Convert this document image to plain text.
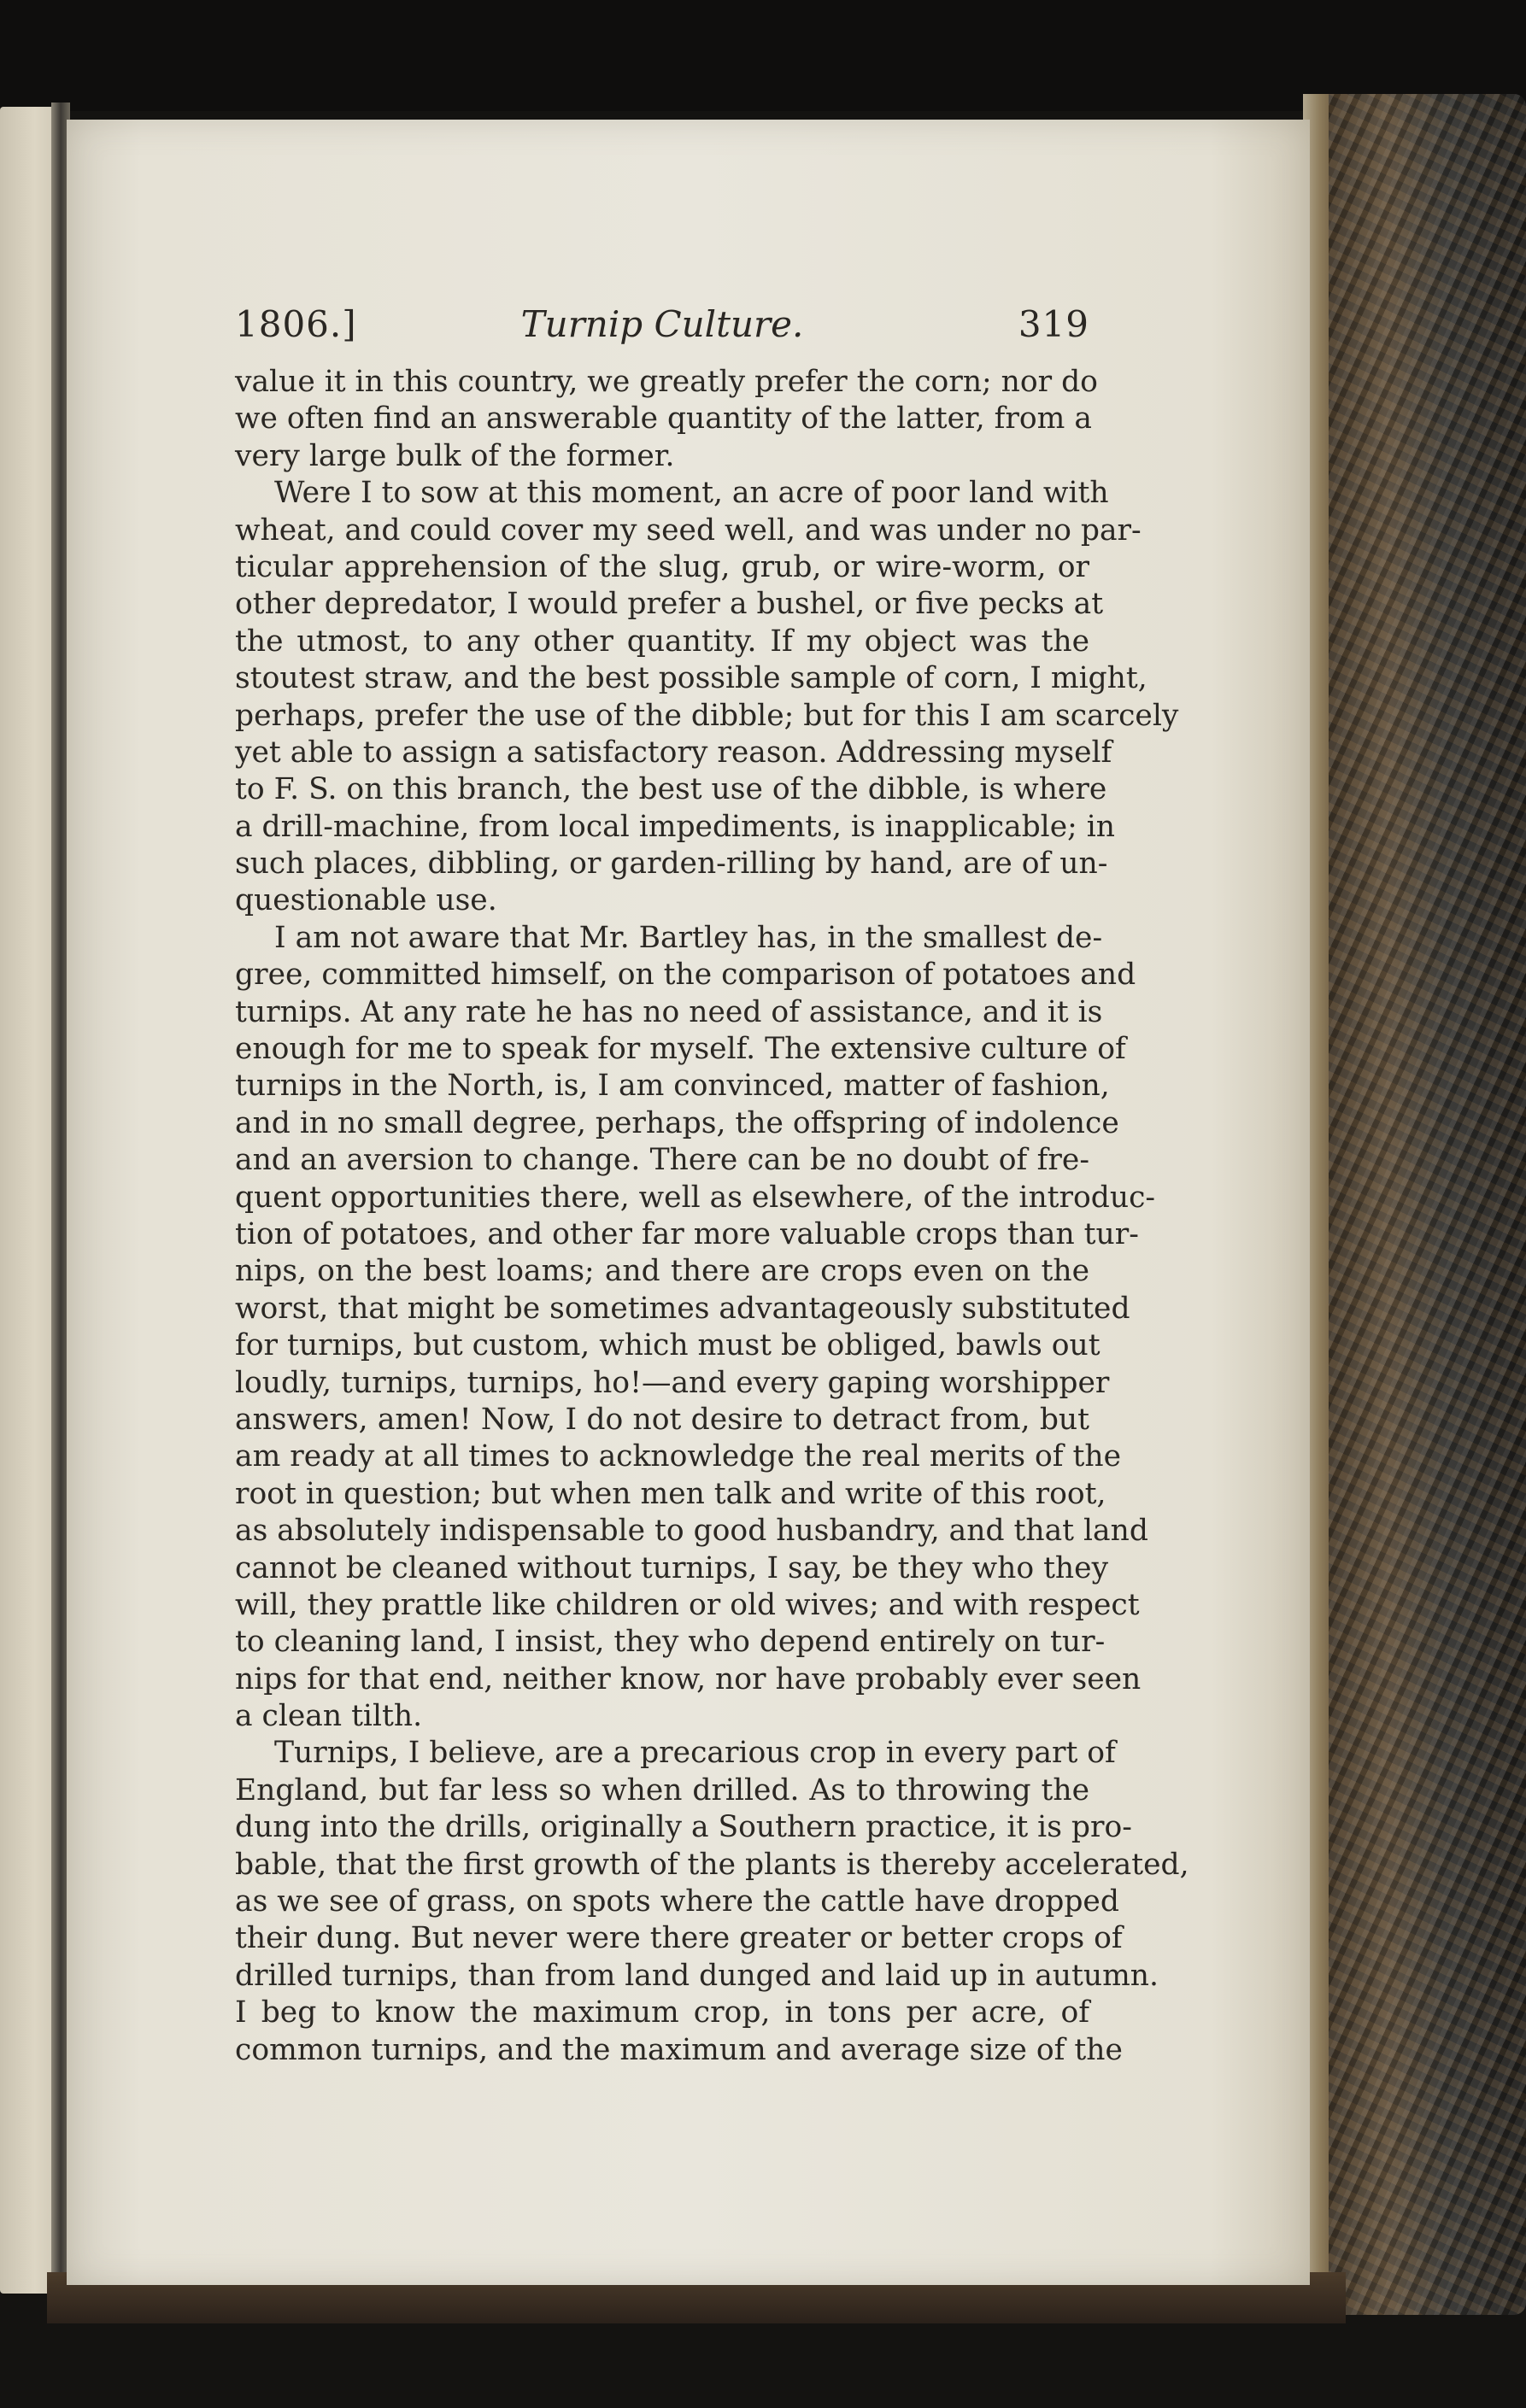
1806.]	Turnip Culture.	319
value it in this country, we greatly prefer the corn; nor do
we often find an answerable quantity of the latter, from a
very large bulk of the former.
Were I to sow at this moment, an acre of poor land with
wheat, and could cover my seed well, and was under no par-
ticular apprehension of the slug, grub, or wire-worm, or
other depredator, I would prefer a bushel, or five pecks at
the utmost, to any other quantity. If my object was the
stoutest straw, and the best possible sample of corn, I might,
perhaps, prefer the use of the dibble; but for this I am scarcely
yet able to assign a satisfactory reason. Addressing myself
to F. S. on this branch, the best use of the dibble, is where
a drill-machine, from local impediments, is inapplicable; in
such places, dibbling, or garden-rilling by hand, are of un-
questionable use.
I am not aware that Mr. Bartley has, in the smallest de-
gree, committed himself, on the comparison of potatoes and
turnips. At any rate he has no need of assistance, and it is
enough for me to speak for myself. The extensive culture of
turnips in the North, is, I am convinced, matter of fashion,
and in no small degree, perhaps, the offspring of indolence
and an aversion to change. There can be no doubt of fre-
quent opportunities there, well as elsewhere, of the introduc-
tion of potatoes, and other far more valuable crops than tur-
nips, on the best loams; and there are crops even on the
worst, that might be sometimes advantageously substituted
for turnips, but custom, which must be obliged, bawls out
loudly, turnips, turnips, ho!—and every gaping worshipper
answers, amen! Now, I do not desire to detract from, but
am ready at all times to acknowledge the real merits of the
root in question; but when men talk and write of this root,
as absolutely indispensable to good husbandry, and that land
cannot be cleaned without turnips, I say, be they who they
will, they prattle like children or old wives; and with respect
to cleaning land, I insist, they who depend entirely on tur-
nips for that end, neither know, nor have probably ever seen
a clean tilth.
Turnips, I believe, are a precarious crop in every part of
England, but far less so when drilled. As to throwing the
dung into the drills, originally a Southern practice, it is pro-
bable, that the first growth of the plants is thereby accelerated,
as we see of grass, on spots where the cattle have dropped
their dung. But never were there greater or better crops of
drilled turnips, than from land dunged and laid up in autumn.
I beg to know the maximum crop, in tons per acre, of
common turnips, and the maximum and average size of the
